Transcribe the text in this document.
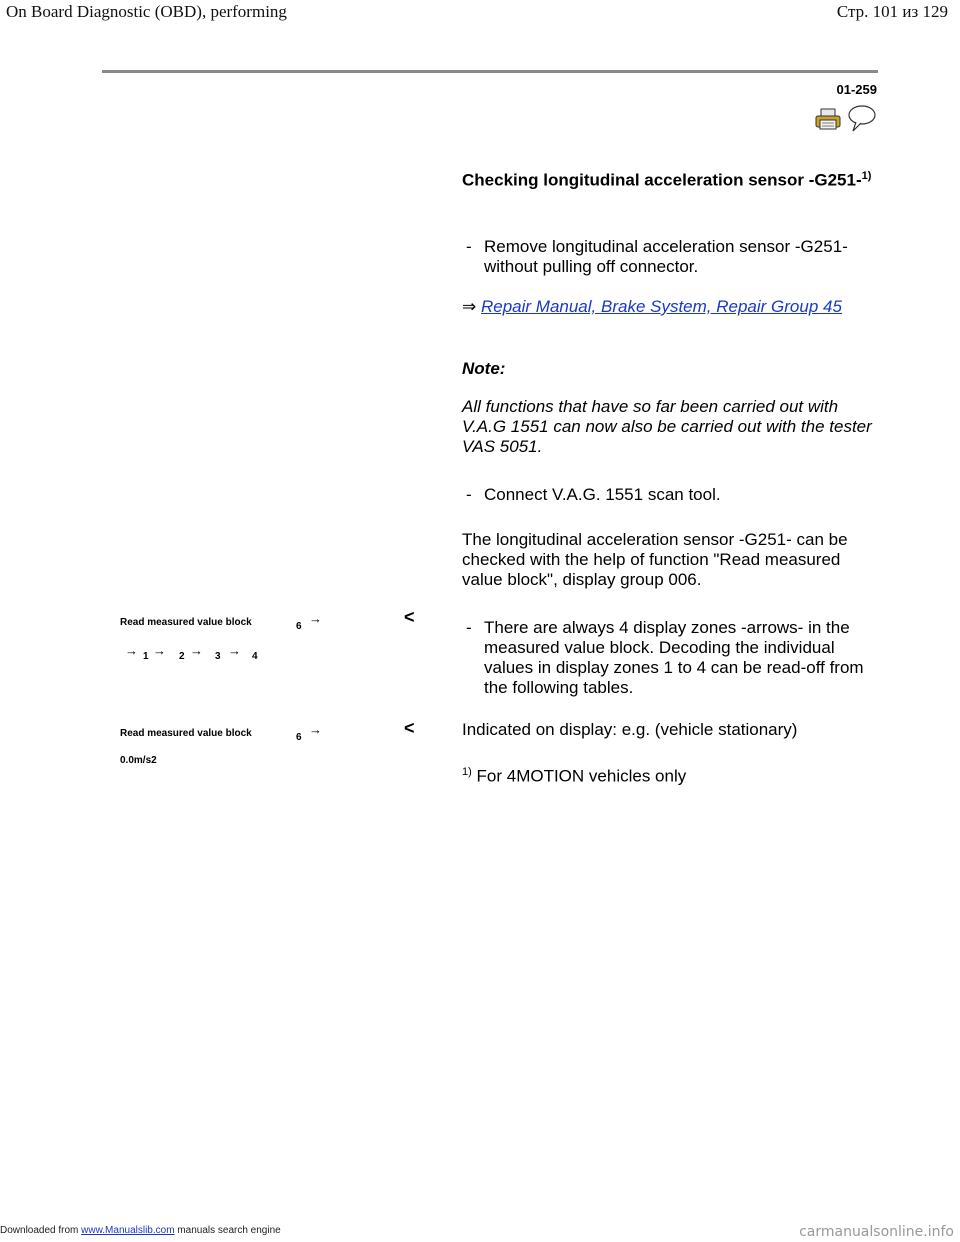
On Board Diagnostic (OBD), performing	Стр. 101 из 129
01-259
Checking longitudinal acceleration sensor -G251-$^{1)}$
- Remove longitudinal acceleration sensor -G251- without pulling off connector.
⇒ Repair Manual, Brake System, Repair Group 45
Note:
All functions that have so far been carried out with V.A.G 1551 can now also be carried out with the tester VAS 5051.
- Connect V.A.G. 1551 scan tool.
The longitudinal acceleration sensor -G251- can be checked with the help of function "Read measured value block", display group 006.
- There are always 4 display zones -arrows- in the measured value block. Decoding the individual values in display zones 1 to 4 can be read-off from the following tables.
Indicated on display: e.g. (vehicle stationary)
$^{1)}$ For 4MOTION vehicles only
<
<
Read measured value block	6
→
→ 1 → 2 → 3 → 4
Read measured value block	6
→
0.0m/s2
Downloaded from www.Manualslib.com manuals search engine	carmanualsonline.info
